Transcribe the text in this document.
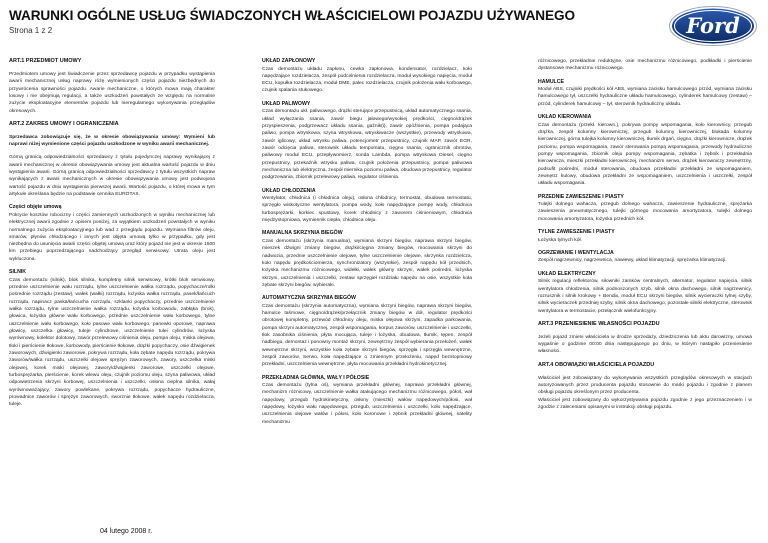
WARUNKI OGÓLNE USŁUG ŚWIADCZONYCH WŁAŚCICIELOWI POJAZDU UŻYWANEGO
Strona 1 z 2	Ford
ART.1 PRZEDMIOT UMOWY

Przedmiotem umowy jest świadczenie przez sprzedawcę pojazdu w przypadku wystąpienia awarii mechanicznej usług naprawy różę wymienionych części pojazdu niezbędnych do przywrócenia sprawności pojazdu. Awarie mechaniczne, o których mowa mają charakter losowy i nie obejmują regulacji, a także uszkodzeń powstałych ze względu na normalne zużycie eksploatacyjne elementów pojazdu lub nieregulamego wykonywania przeglądów okresowych.

ART.2 ZAKRES UMOWY I OGRANICZENIA

Sprzedawca zobowiązuje się, że w okresie obowiązywania umowy: Wymieni lub naprawi niżej wymienione części pojazdu uszkodzone w wyniku awarii mechanicznej.

Górną granicą odpowiedzialności sprzedawcy z tytułu pojedynczej naprawy wynikającej z awarii mechanicznej w okresie obowiązywania umowy jest aktualna wartość pojazdu w dniu wystąpienia awarii. Górną granicą odpowiedzialności sprzedawcy z tytułu wszystkich napraw wynikających z awarii mechanicznych w okresie obowiązywania umowy jest podwojona wartość pojazdu w dniu wystąpienia pierwszej awarii. Wartość pojazdu, o której mowa w tym artykule określana będzie na podstawie cennika EUROTAX.

Części objęte umową

Pokrycie kosztów robocizny i części zamiennych uszkodzonych w wyniku mechanicznej lub elektrycznej awarii zgodnie z opisem poniżej, za wyjątkiem uszkodzeń powstałych w wyniku normalnego zużycia eksploatacyjnego lub wad z przeglądu pojazdu. Wymiana filtrów oleju, smarów, płynów chłodzącego i innych jest objęta umową tylko w przypadku, gdy jest niezbędna do usunięcia awarii części objętej umową oraz który pojazd nie jest w okresie 1500 km przebiegu poprzedzającego nadchodzący przegląd serwisowy. Utrata oleju jest wykluczona.

SILNIK

Czas demontażu (silnik), blok silnika, kompletny silnik serwisowy, krótki blok serwisowy, przednie uszczelnienie wału rozrządu, tylne uszczelnienie wałka rozrządu, popychacze/rolki pośrednie rozrządu (zestaw), wałek (wałki) rozrządu, łożyska wałka rozrządu, pasek/łańcuch rozrządu, napinacz paska/łańcucha rozrządu, szklanki popychaczy, przednie uszczelnienie wałka rozrządu, tylne uszczelnienie wałka rozrządu, łożyska korbowodu, zabłąka (brok), głowica, łożyska główne wału korbowego, przednie uszczelnienie wału korbowego, tylne uszczelnienie wału korbowego, koło pasowe wału korbowego, panewki oporowe, naprawa głowicy, uszczelka głowicy, tuleje cylindrowe, uszczelnienie tulei cylindrów, łożyska wyrównowy, kolektor dolotowy, zawór przelewowy ciśnienia oleju, pompa oleju, miska olejowa, tłoki i pierścienie tłokowe, korbowody, pierścienie tłokowe, drążki popychaczy, osie dźwigienek zaworowych, dźwigienki zaworowe, pokrywa rozrządu, koła zębate napędu rozrządu, pokrywa zaworów/wałka rozrządu, uszczelki olejowe sprężyn zaworowych, zawory, uszczelka miski olejowej, korek miski olejowej, zawory/dźwigienki zaworowe, uszczelki olejowe, turbosprężarka, pierścienie, korek wlewu oleju, czujnik poziomu oleju, szyna paliwowa, układ odpowietrzenia skrzyni korbowej, uszczelnienia i uszczelki, osłona cieplna silnika, wałaj wyrównoważający, zawory powlekane, pokrywa rozrządu, popychacze hydrauliczne, prowadnice zaworów i sprężyn zaworowych, sworznie tłokowe, wałek napędu rozdzielacza, tuleje.

UKŁAD ZAPŁONOWY

Czas demontażu układu zapłonu, cewka zapłonowa, kondensator, rozdzielacz, koło napędzające rozdzielacza, zespół podciśnienia rozdzielacza, moduł wysokiego napięcia, moduł ECU, kopułka rozdzielacza, moduł DME, palec rozdzielacza, czujnik położenia wału korbowego, czujnik spalania stukowego.

UKŁAD PALIWOWY

Czas demontażu ukł. paliwowego, drążki sterujące przepustnicą, układ automatycznego ssania, układ wyłączania ssania, zawór biegu jałowego/wysokiej prędkości, cięgno/drążek przyspieszenia, podgrzewacz układu ssania, gaźnik(i), zawór opóźnienia, pompa podająca paliwo, pompa wtryskowa, szyna wtryskowa, wtryskiwacze (wszystkie), przewody wtryskowa, zawór iglicowy, układ wtrysku paliwa, potencjometr przepustnicy, czujnik MAP, zawór EGR, zawór odcięcia paliwa, sterownik układu tempomatu, cięgno ssania, ogranicznik obrotów, paliwowy moduł ECU, przepływomierz, sonda Lambda, pompa wtryskowa Diesel, cięgno przepustnicy, przekaźnik wtrysku paliwa, czujnik położenia przepustnicy, pompa paliwowa mechaniczna lub elektryczna, zespół miernika poziomu paliwa, obudowa przepustnicy, regulator podgrzewania, zbiornik przelewowy paliwa, regulator ciśnienia.

UKŁAD CHŁODZENIA

Wentylator, chłodnica (i chłodnica oleju), osłona chłodnicy, termostat, obudowa termostatu, sprzęgło wiskotyczne wentylatora, pompa wody, koło napędzające pompę wody, chłodnica turbosprężarki, korkiec spustowy, korek chłodnicy z zaworem ciśnieniowym, chłodnica międzystopniowa, wymiennik ciepła, chłodnica oleju.

MANUALNA SKRZYNIA BIEGÓW

Czas demontażu (skrzynia manualna), wymiana skrzyni biegów, naprawa skrzyni biegów, mieszek dźwigni zmiany biegów, drążki/cięgna zmiany biegów, mocowania skrzyni do nadwozia, przednie uszczelnienie olejowe, tylne uszczelnienie olejowe, skrzynka rozdzielcza, koło napędu prędkościomierza, synchronizatory (wszystkie), zespół napędu kół przednich, łożyska mechanizmu różnicowego, widełki, wałek główny skrzyni, wałek pośredni, łożyska skrzyni, uszczelnienia i uszczelki, zestaw sprzęgieł rozdziału napędu na osie, wszystkie koła zębate skrzyni biegów, wybieraki.

AUTOMATYCZNA SKRZYNIA BIEGÓW

Czas demontażu (skrzynia automatyczna), wymiana skrzyni biegów, naprawa skrzyni biegów, hamulce taśmowe, cięgno/drążek/przełącznik zmiany biegów w dół, regulator prędkości obrotowej kompletny, przewód chłodnicy oleju, miska olejowa skrzyni, zapadka parkowania, pompa skrzyni automatycznej, zespół wspomagania, korpus zaworów, uszczelnienie i uszczelki, tłok zasobnika ciśnienia, płyta mocująca, tuleje i łożyska, obudowa, tłumik, tępen, zespół nadbiegu, demontaż i ponowny montaż skrzyni, zewnętrzny zespół wybierania przełożeń, wałek wewnętrzne skrzyni, wszystkie koła zębate skrzyni biegów, sprzęgła i sprzęgła wewnętrzne, zespół zaworów, Serwo, koła napędzające o zmiennym przełożeniu, napęd bezstopniowy przekładni, uszczelnienia wewnętrzne, płyta mocowania przekładni hydrokinetycznej.

PRZEKŁADNIA GŁÓWNA, WAŁY I PÓŁOSIE

Czas demontażu (tylna oś), wymiana przekładni głównej, naprawa przekładni głównej, mechanizm różnicowy, uszczelnienie wałka atakującego mechanizmu różnicowego, półoś, wał napędowy, przegub hydrokinetyczny, osłony (mieszki) wałów napędowych/półosi, wał napędowy, łożysko wału napędowego, przegub, uszczelnienia i uszczelki, koło napędzające, uszczelnienia olejowe wałów i półosi, koło koronowe i zębnik przekładni głównej, satelity mechanizmu

różnicowego, przekładnie reduktyjne, osie mechanizmu różnicowego, podkładki i pierścienie dystansowe mechanizmu różnicowego.

HAMULCE

Moduł ABS, czujniki prędkości kół ABS, wymiana zacisku hamulcowego przód, wymiana zacisku hamulcowego tył, uszczelki hydrauliczne układu hamulcowego, cylinderek hamulcowy (zestaw) – przód, cylinderek hamulcowy – tył, sterownik hydrauliczny układu.

UKŁAD KIEROWANIA

Czas demontażu (przekł. kierown.), pokrywa pompy wspomagania, koło kierownicy, przegub drążka, zespół kolumny kierowniczej, przegub kolumny kierowniczej, blokada kolumny kierowniczej, górna tulejka kolumny kierowniczej, tłumik drgań, cięgno, drążki kierownicze, drążek poziomu, pompa wspomagania, zawór sterowania pompą wspomagania, przewody hydrauliczne pompy wspomagania, zbiornik oleju pompy wspomagania, zębatka i zębnik i przekładnia kierownicza, mieszki przekładni kierowniczej, mechanizm serwo, drążek kierowniczy zewnętrzny, podsufit pośredni, moduł sterowania, obudowa przekładni przekładni ze wspomaganiem, zewnętrz kulowy, obudowa przekładni ze wspomaganiem, uszczelnienia i uszczelki, zespół układu wspomagania.

PRZEDNIE ZAWIESZENIE I PIASTY

Tulejki dolnego wahacza, przegub dolnego wahacza, zawieszenie hydrauliczne, sprężarka zawieszenia pneumatycznego, tulejki górnego mocowania amortyzatora, tulejki dolnego mocowania amortyzatora, łożyska przednich kół.

TYLNE ZAWIESZENIE I PIASTY

Łożyska tylnych kół.

OGRZEWANIE I WENTYLACJA

Zespół nagrzewnicy, nagrzewnica, nawiewy, układ klimatyzacji, sprężarka klimatyzacji.

UKŁAD ELEKTRYCZNY

Silnik regulacji reflektorów, siłowniki zamków centralnych, alternator, regulator napięcia, silnik wentylatora chłodzenia, silnik podnoszonych szyb, silnik okna dachowego, silnik nagrzewnicy, rozrusznik i silnik krokowy + Bendix, moduł ECU skrzyni biegów, silnik wycieraczki tylnej szyby, silnik wycieraczek przedniej szyby, silnik okna dachowego, pozostałe silniki elektryczne, sterownik wentylatora w termostacie, przełącznik wielofunkcyjny.

ART.3 PRZENIESIENIE WŁASNOŚCI POJAZDU

Jeżeli pojazd zmieni właściciela w drodze sprzedaży, dziedziczenia lub aktu darowizny, umowa wygaśnie o godzinie 00:00 dnia następującego po dniu, w którym nastąpiło przeniesienie własności.

ART.4 OBOWIĄZKI WŁAŚCICIELA POJAZDU

Właściciel jest zobowiązany do wykonywania wszystkich przeglądów okresowych w stacjach autoryzowanych przez producenta pojazdu stosownie do marki pojazdu i zgodnie z planem obsługi pojazdu określonym przez producenta.
Właściciel jest zobowiązany do wykorzystywania pojazdu zgodnie z jego przeznaczeniem i w zgodzie z zaleceniami opisanymi w instrukcji obsługi pojazdu.

04 lutego 2008 r.
